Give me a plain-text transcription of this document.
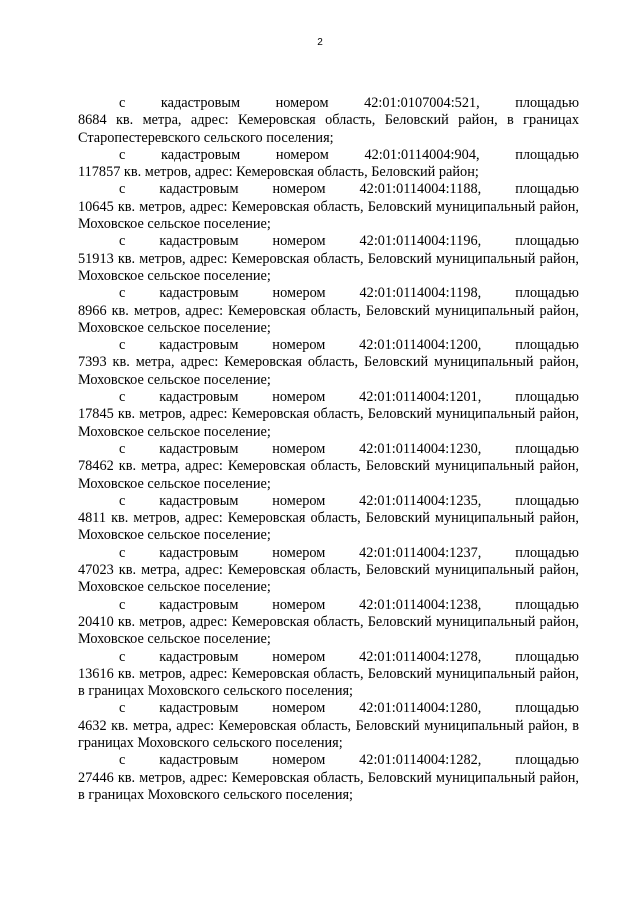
2
с кадастровым номером 42:01:0107004:521, площадью
8684 кв. метра, адрес: Кемеровская область, Беловский район, в границах Старопестеревского сельского поселения;
с кадастровым номером 42:01:0114004:904, площадью
117857 кв. метров, адрес: Кемеровская область, Беловский район;
с кадастровым номером 42:01:0114004:1188, площадью
10645 кв. метров, адрес: Кемеровская область, Беловский муниципальный район, Моховское сельское поселение;
с кадастровым номером 42:01:0114004:1196, площадью
51913 кв. метров, адрес: Кемеровская область, Беловский муниципальный район, Моховское сельское поселение;
с кадастровым номером 42:01:0114004:1198, площадью
8966 кв. метров, адрес: Кемеровская область, Беловский муниципальный район, Моховское сельское поселение;
с кадастровым номером 42:01:0114004:1200, площадью
7393 кв. метра, адрес: Кемеровская область, Беловский муниципальный район, Моховское сельское поселение;
с кадастровым номером 42:01:0114004:1201, площадью
17845 кв. метров, адрес: Кемеровская область, Беловский муниципальный район, Моховское сельское поселение;
с кадастровым номером 42:01:0114004:1230, площадью
78462 кв. метра, адрес: Кемеровская область, Беловский муниципальный район, Моховское сельское поселение;
с кадастровым номером 42:01:0114004:1235, площадью
4811 кв. метров, адрес: Кемеровская область, Беловский муниципальный район, Моховское сельское поселение;
с кадастровым номером 42:01:0114004:1237, площадью
47023 кв. метра, адрес: Кемеровская область, Беловский муниципальный район, Моховское сельское поселение;
с кадастровым номером 42:01:0114004:1238, площадью
20410 кв. метров, адрес: Кемеровская область, Беловский муниципальный район, Моховское сельское поселение;
с кадастровым номером 42:01:0114004:1278, площадью
13616 кв. метров, адрес: Кемеровская область, Беловский муниципальный район, в границах Моховского сельского поселения;
с кадастровым номером 42:01:0114004:1280, площадью
4632 кв. метра, адрес: Кемеровская область, Беловский муниципальный район, в границах Моховского сельского поселения;
с кадастровым номером 42:01:0114004:1282, площадью
27446 кв. метров, адрес: Кемеровская область, Беловский муниципальный район, в границах Моховского сельского поселения;
